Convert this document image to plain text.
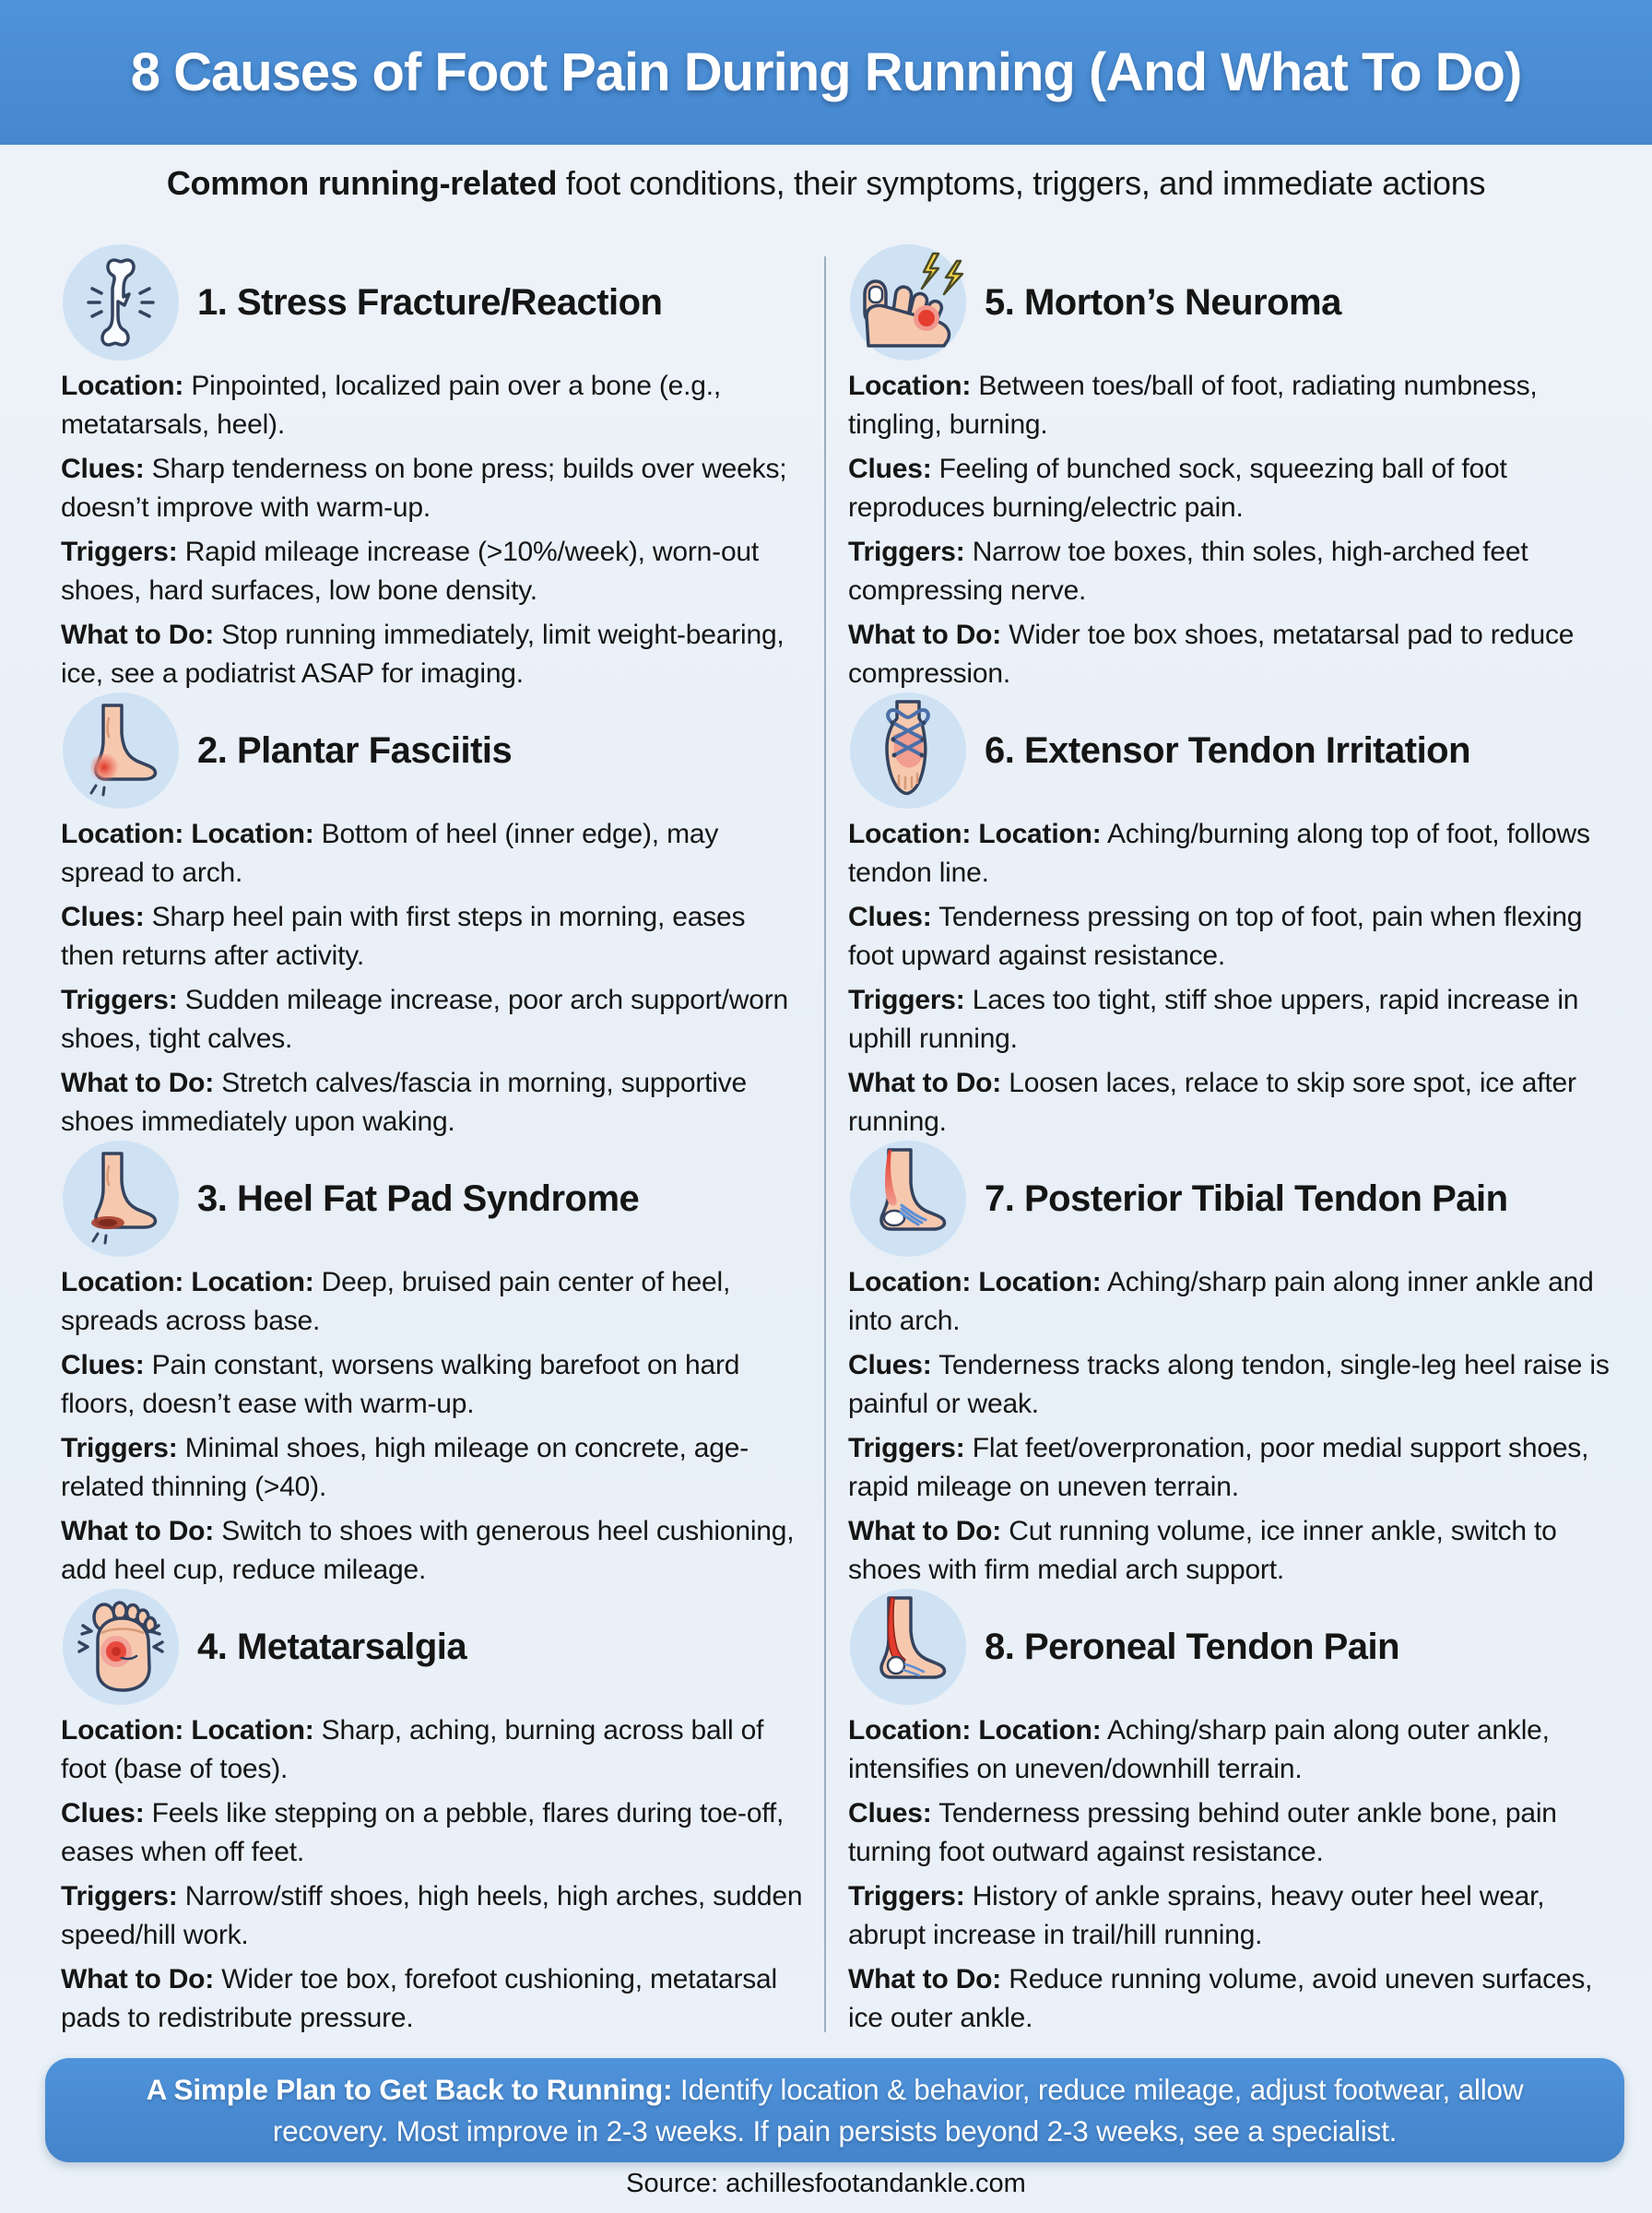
8 Causes of Foot Pain During Running (And What To Do)

Common running-related foot conditions, their symptoms, triggers, and immediate actions

1. Stress Fracture/Reaction

Location: Pinpointed, localized pain over a bone (e.g., metatarsals, heel).

Clues: Sharp tenderness on bone press; builds over weeks; doesn’t improve with warm-up.

Triggers: Rapid mileage increase (>10%/week), worn-out shoes, hard surfaces, low bone density.

What to Do: Stop running immediately, limit weight-bearing, ice, see a podiatrist ASAP for imaging.

2. Plantar Fasciitis

Location: Location: Bottom of heel (inner edge), may spread to arch.

Clues: Sharp heel pain with first steps in morning, eases then returns after activity.

Triggers: Sudden mileage increase, poor arch support/worn shoes, tight calves.

What to Do: Stretch calves/fascia in morning, supportive shoes immediately upon waking.

3. Heel Fat Pad Syndrome

Location: Location: Deep, bruised pain center of heel, spreads across base.

Clues: Pain constant, worsens walking barefoot on hard floors, doesn’t ease with warm-up.

Triggers: Minimal shoes, high mileage on concrete, age-related thinning (>40).

What to Do: Switch to shoes with generous heel cushioning, add heel cup, reduce mileage.

4. Metatarsalgia

Location: Location: Sharp, aching, burning across ball of foot (base of toes).

Clues: Feels like stepping on a pebble, flares during toe-off, eases when off feet.

Triggers: Narrow/stiff shoes, high heels, high arches, sudden speed/hill work.

What to Do: Wider toe box, forefoot cushioning, metatarsal pads to redistribute pressure.

5. Morton’s Neuroma

Location: Between toes/ball of foot, radiating numbness, tingling, burning.

Clues: Feeling of bunched sock, squeezing ball of foot reproduces burning/electric pain.

Triggers: Narrow toe boxes, thin soles, high-arched feet compressing nerve.

What to Do: Wider toe box shoes, metatarsal pad to reduce compression.

6. Extensor Tendon Irritation

Location: Location: Aching/burning along top of foot, follows tendon line.

Clues: Tenderness pressing on top of foot, pain when flexing foot upward against resistance.

Triggers: Laces too tight, stiff shoe uppers, rapid increase in uphill running.

What to Do: Loosen laces, relace to skip sore spot, ice after running.

7. Posterior Tibial Tendon Pain

Location: Location: Aching/sharp pain along inner ankle and into arch.

Clues: Tenderness tracks along tendon, single-leg heel raise is painful or weak.

Triggers: Flat feet/overpronation, poor medial support shoes, rapid mileage on uneven terrain.

What to Do: Cut running volume, ice inner ankle, switch to shoes with firm medial arch support.

8. Peroneal Tendon Pain

Location: Location: Aching/sharp pain along outer ankle, intensifies on uneven/downhill terrain.

Clues: Tenderness pressing behind outer ankle bone, pain turning foot outward against resistance.

Triggers: History of ankle sprains, heavy outer heel wear, abrupt increase in trail/hill running.

What to Do: Reduce running volume, avoid uneven surfaces, ice outer ankle.

A Simple Plan to Get Back to Running: Identify location & behavior, reduce mileage, adjust footwear, allow recovery. Most improve in 2-3 weeks. If pain persists beyond 2-3 weeks, see a specialist.

Source: achillesfootandankle.com
